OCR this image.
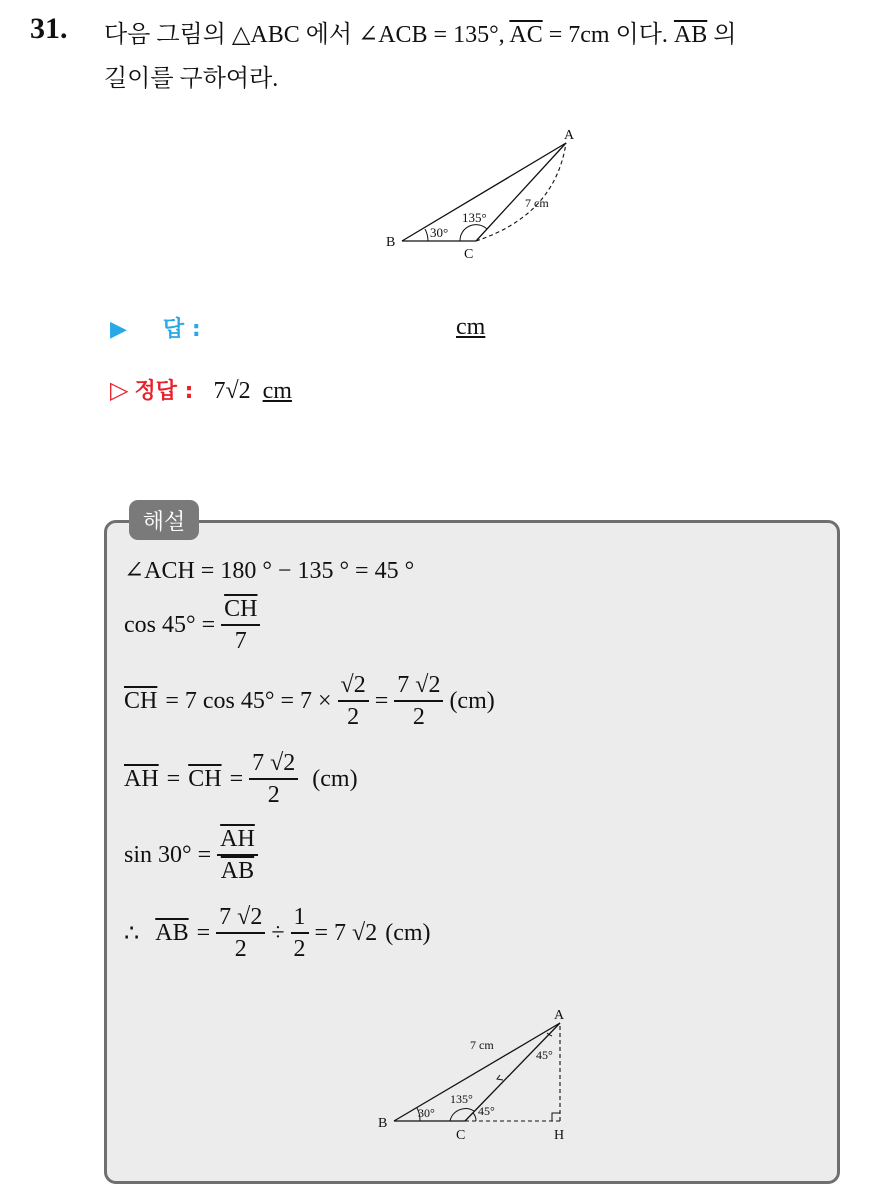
31. 다음 그림의 △ABC 에서 ∠ACB = 135°, $\overline{AC} = 7cm$ 이다. $\overline{AB}$ 의
길이를 구하여라.
A
B
C
30°
135°
7 cm
▶ 답 :	cm
▷ 정답 : 7√2 cm
해설
∠ACH = 180 ° − 135 ° = 45 °
$\cos 45^\circ = \frac{\overline{CH}}{7}$
$\overline{CH} = 7$ $\cos 45^\circ = 7 \times \frac{√2}{2} = \frac{7 √2}{2} (cm)$
$\overline{AH} = \overline{CH} = \frac{7 √2}{2} (cm)$
$\sin 30^\circ = \frac{\overline{AH}}{AB}$
∴ $\overline{AB} = \frac{7 √2}{2} \div \frac{1}{2} = 7$ √2 (cm)
A
B
C	H
7 cm
30°
135°
45°
45°
